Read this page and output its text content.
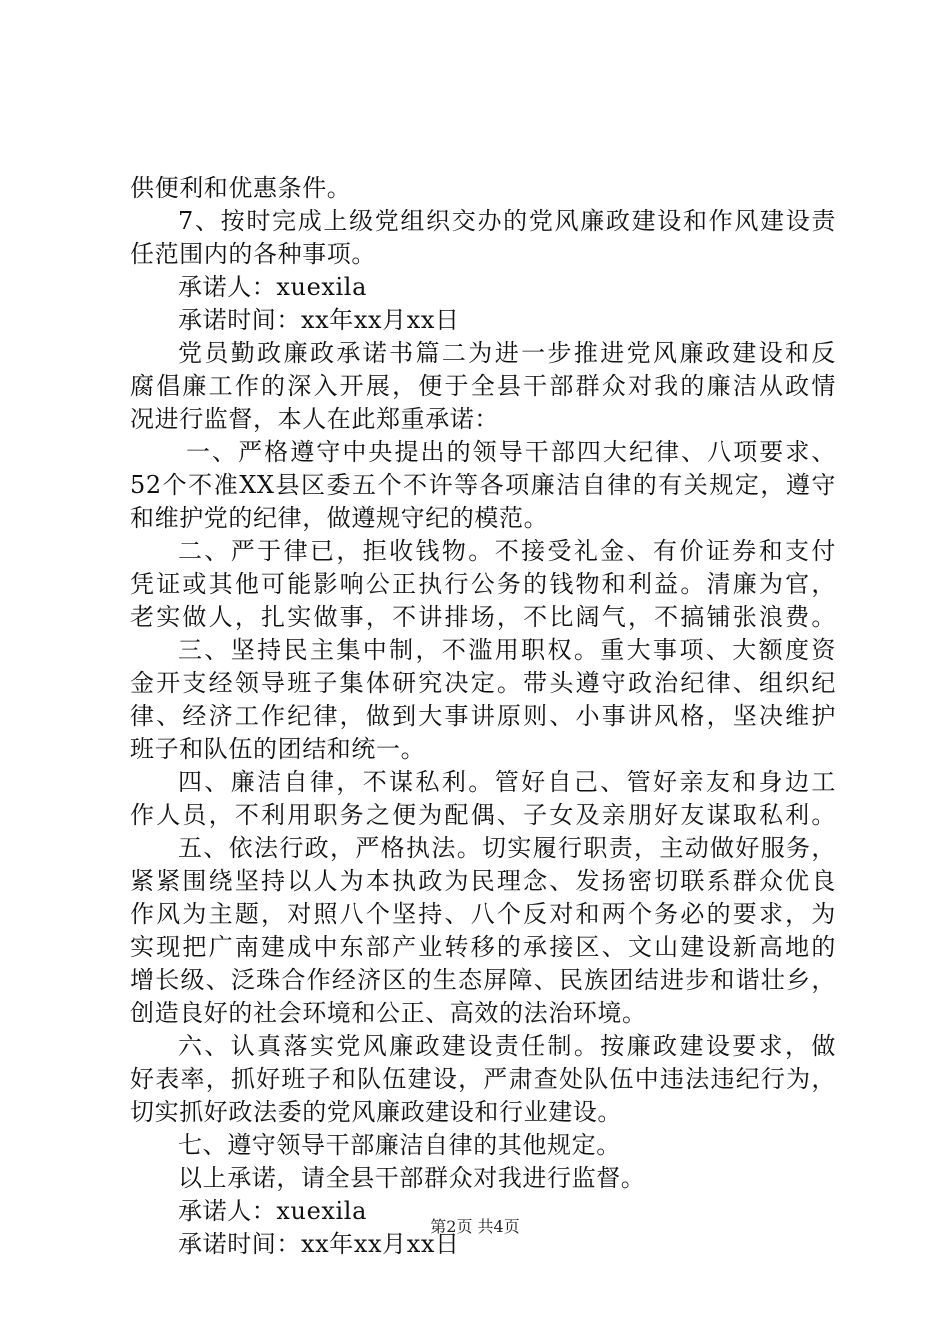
供便利和优惠条件。
7、按时完成上级党组织交办的党风廉政建设和作风建设责
任范围内的各种事项。
承诺人：xuexila
承诺时间：xx年xx月xx日
党员勤政廉政承诺书篇二为进一步推进党风廉政建设和反
腐倡廉工作的深入开展，便于全县干部群众对我的廉洁从政情
况进行监督，本人在此郑重承诺：
一、严格遵守中央提出的领导干部四大纪律、八项要求、
52个不准XX县区委五个不许等各项廉洁自律的有关规定，遵守
和维护党的纪律，做遵规守纪的模范。
二、严于律已，拒收钱物。不接受礼金、有价证券和支付
凭证或其他可能影响公正执行公务的钱物和利益。清廉为官，
老实做人，扎实做事，不讲排场，不比阔气，不搞铺张浪费。
三、坚持民主集中制，不滥用职权。重大事项、大额度资
金开支经领导班子集体研究决定。带头遵守政治纪律、组织纪
律、经济工作纪律，做到大事讲原则、小事讲风格，坚决维护
班子和队伍的团结和统一。
四、廉洁自律，不谋私利。管好自己、管好亲友和身边工
作人员，不利用职务之便为配偶、子女及亲朋好友谋取私利。
五、依法行政，严格执法。切实履行职责，主动做好服务，
紧紧围绕坚持以人为本执政为民理念、发扬密切联系群众优良
作风为主题，对照八个坚持、八个反对和两个务必的要求，为
实现把广南建成中东部产业转移的承接区、文山建设新高地的
增长级、泛珠合作经济区的生态屏障、民族团结进步和谐壮乡，
创造良好的社会环境和公正、高效的法治环境。
六、认真落实党风廉政建设责任制。按廉政建设要求，做
好表率，抓好班子和队伍建设，严肃查处队伍中违法违纪行为，
切实抓好政法委的党风廉政建设和行业建设。
七、遵守领导干部廉洁自律的其他规定。
以上承诺，请全县干部群众对我进行监督。
承诺人：xuexila
承诺时间：xx年xx月xx日
第2页 共4页
